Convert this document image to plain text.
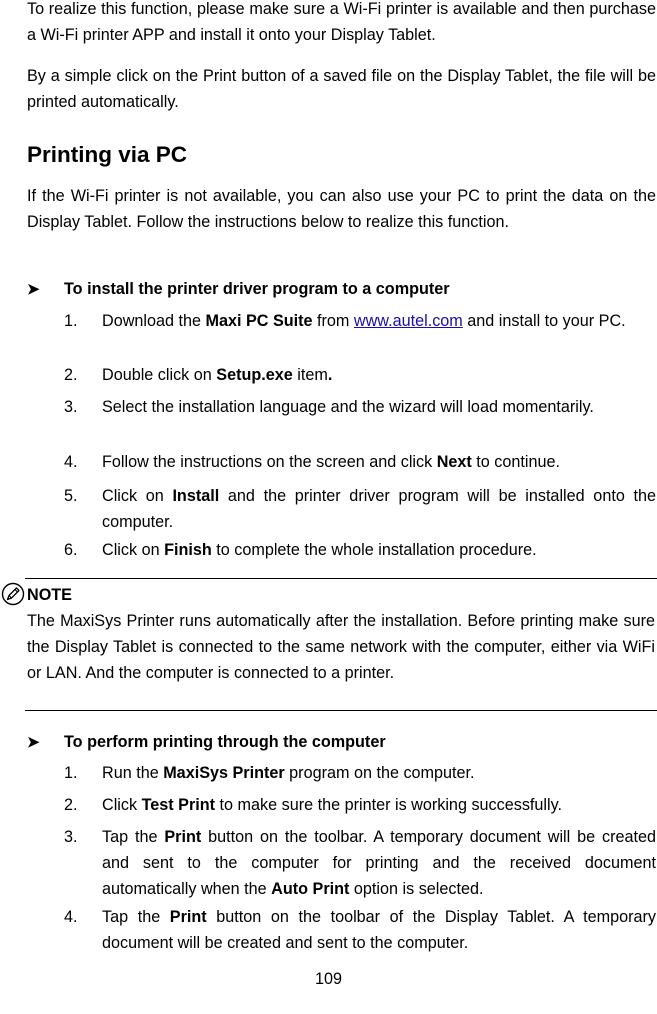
To realize this function, please make sure a Wi-Fi printer is available and then purchase a Wi-Fi printer APP and install it onto your Display Tablet.

By a simple click on the Print button of a saved file on the Display Tablet, the file will be printed automatically.

Printing via PC

If the Wi-Fi printer is not available, you can also use your PC to print the data on the Display Tablet. Follow the instructions below to realize this function.

➤ To install the printer driver program to a computer
1.	Download the Maxi PC Suite from www.autel.com and install to your PC.
2.	Double click on Setup.exe item.
3.	Select the installation language and the wizard will load momentarily.
4.	Follow the instructions on the screen and click Next to continue.
5.	Click on Install and the printer driver program will be installed onto the computer.
6.	Click on Finish to complete the whole installation procedure.
NOTE

The MaxiSys Printer runs automatically after the installation. Before printing make sure the Display Tablet is connected to the same network with the computer, either via WiFi or LAN. And the computer is connected to a printer.

➤ To perform printing through the computer
1.	Run the MaxiSys Printer program on the computer.
2.	Click Test Print to make sure the printer is working successfully.
3.	Tap the Print button on the toolbar. A temporary document will be created and sent to the computer for printing and the received document automatically when the Auto Print option is selected.
4.	Tap the Print button on the toolbar of the Display Tablet. A temporary document will be created and sent to the computer.
109
